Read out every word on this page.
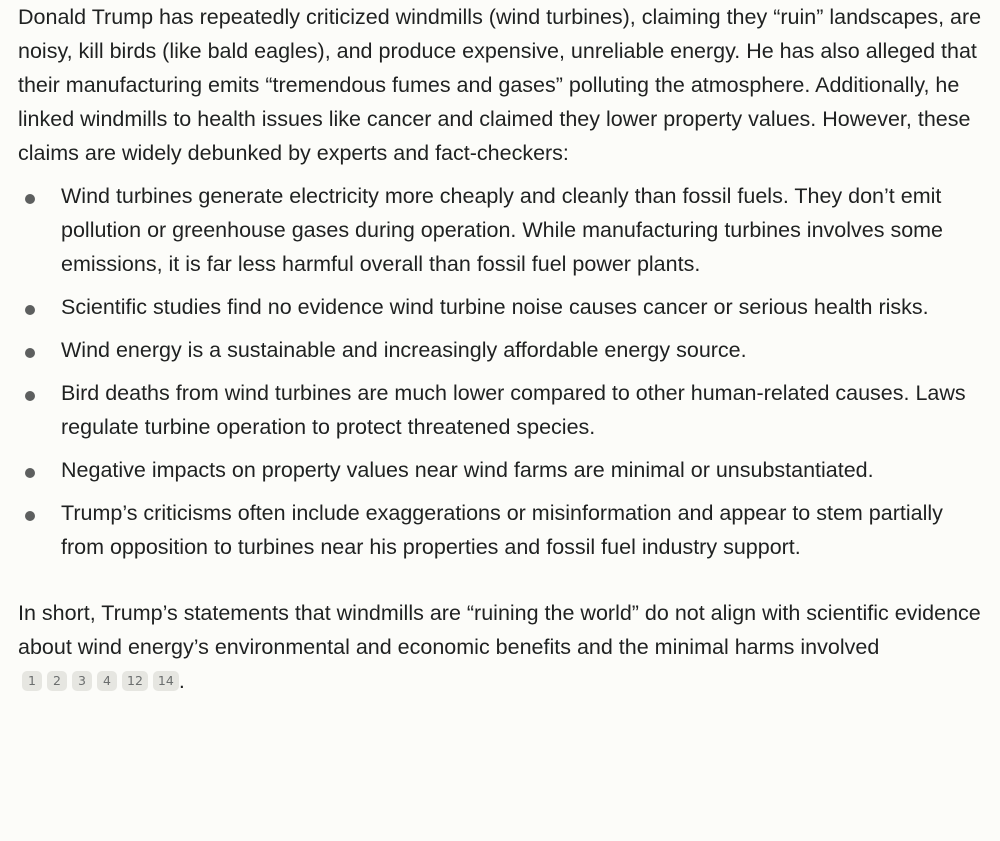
Donald Trump has repeatedly criticized windmills (wind turbines), claiming they “ruin” landscapes, are noisy, kill birds (like bald eagles), and produce expensive, unreliable energy. He has also alleged that their manufacturing emits “tremendous fumes and gases” polluting the atmosphere. Additionally, he linked windmills to health issues like cancer and claimed they lower property values. However, these claims are widely debunked by experts and fact-checkers:

Wind turbines generate electricity more cheaply and cleanly than fossil fuels. They don’t emit pollution or greenhouse gases during operation. While manufacturing turbines involves some emissions, it is far less harmful overall than fossil fuel power plants.
Scientific studies find no evidence wind turbine noise causes cancer or serious health risks.
Wind energy is a sustainable and increasingly affordable energy source.
Bird deaths from wind turbines are much lower compared to other human-related causes. Laws regulate turbine operation to protect threatened species.
Negative impacts on property values near wind farms are minimal or unsubstantiated.
Trump’s criticisms often include exaggerations or misinformation and appear to stem partially from opposition to turbines near his properties and fossil fuel industry support.

In short, Trump’s statements that windmills are “ruining the world” do not align with scientific evidence about wind energy’s environmental and economic benefits and the minimal harms involved
1	2	3	4	12	14 .
